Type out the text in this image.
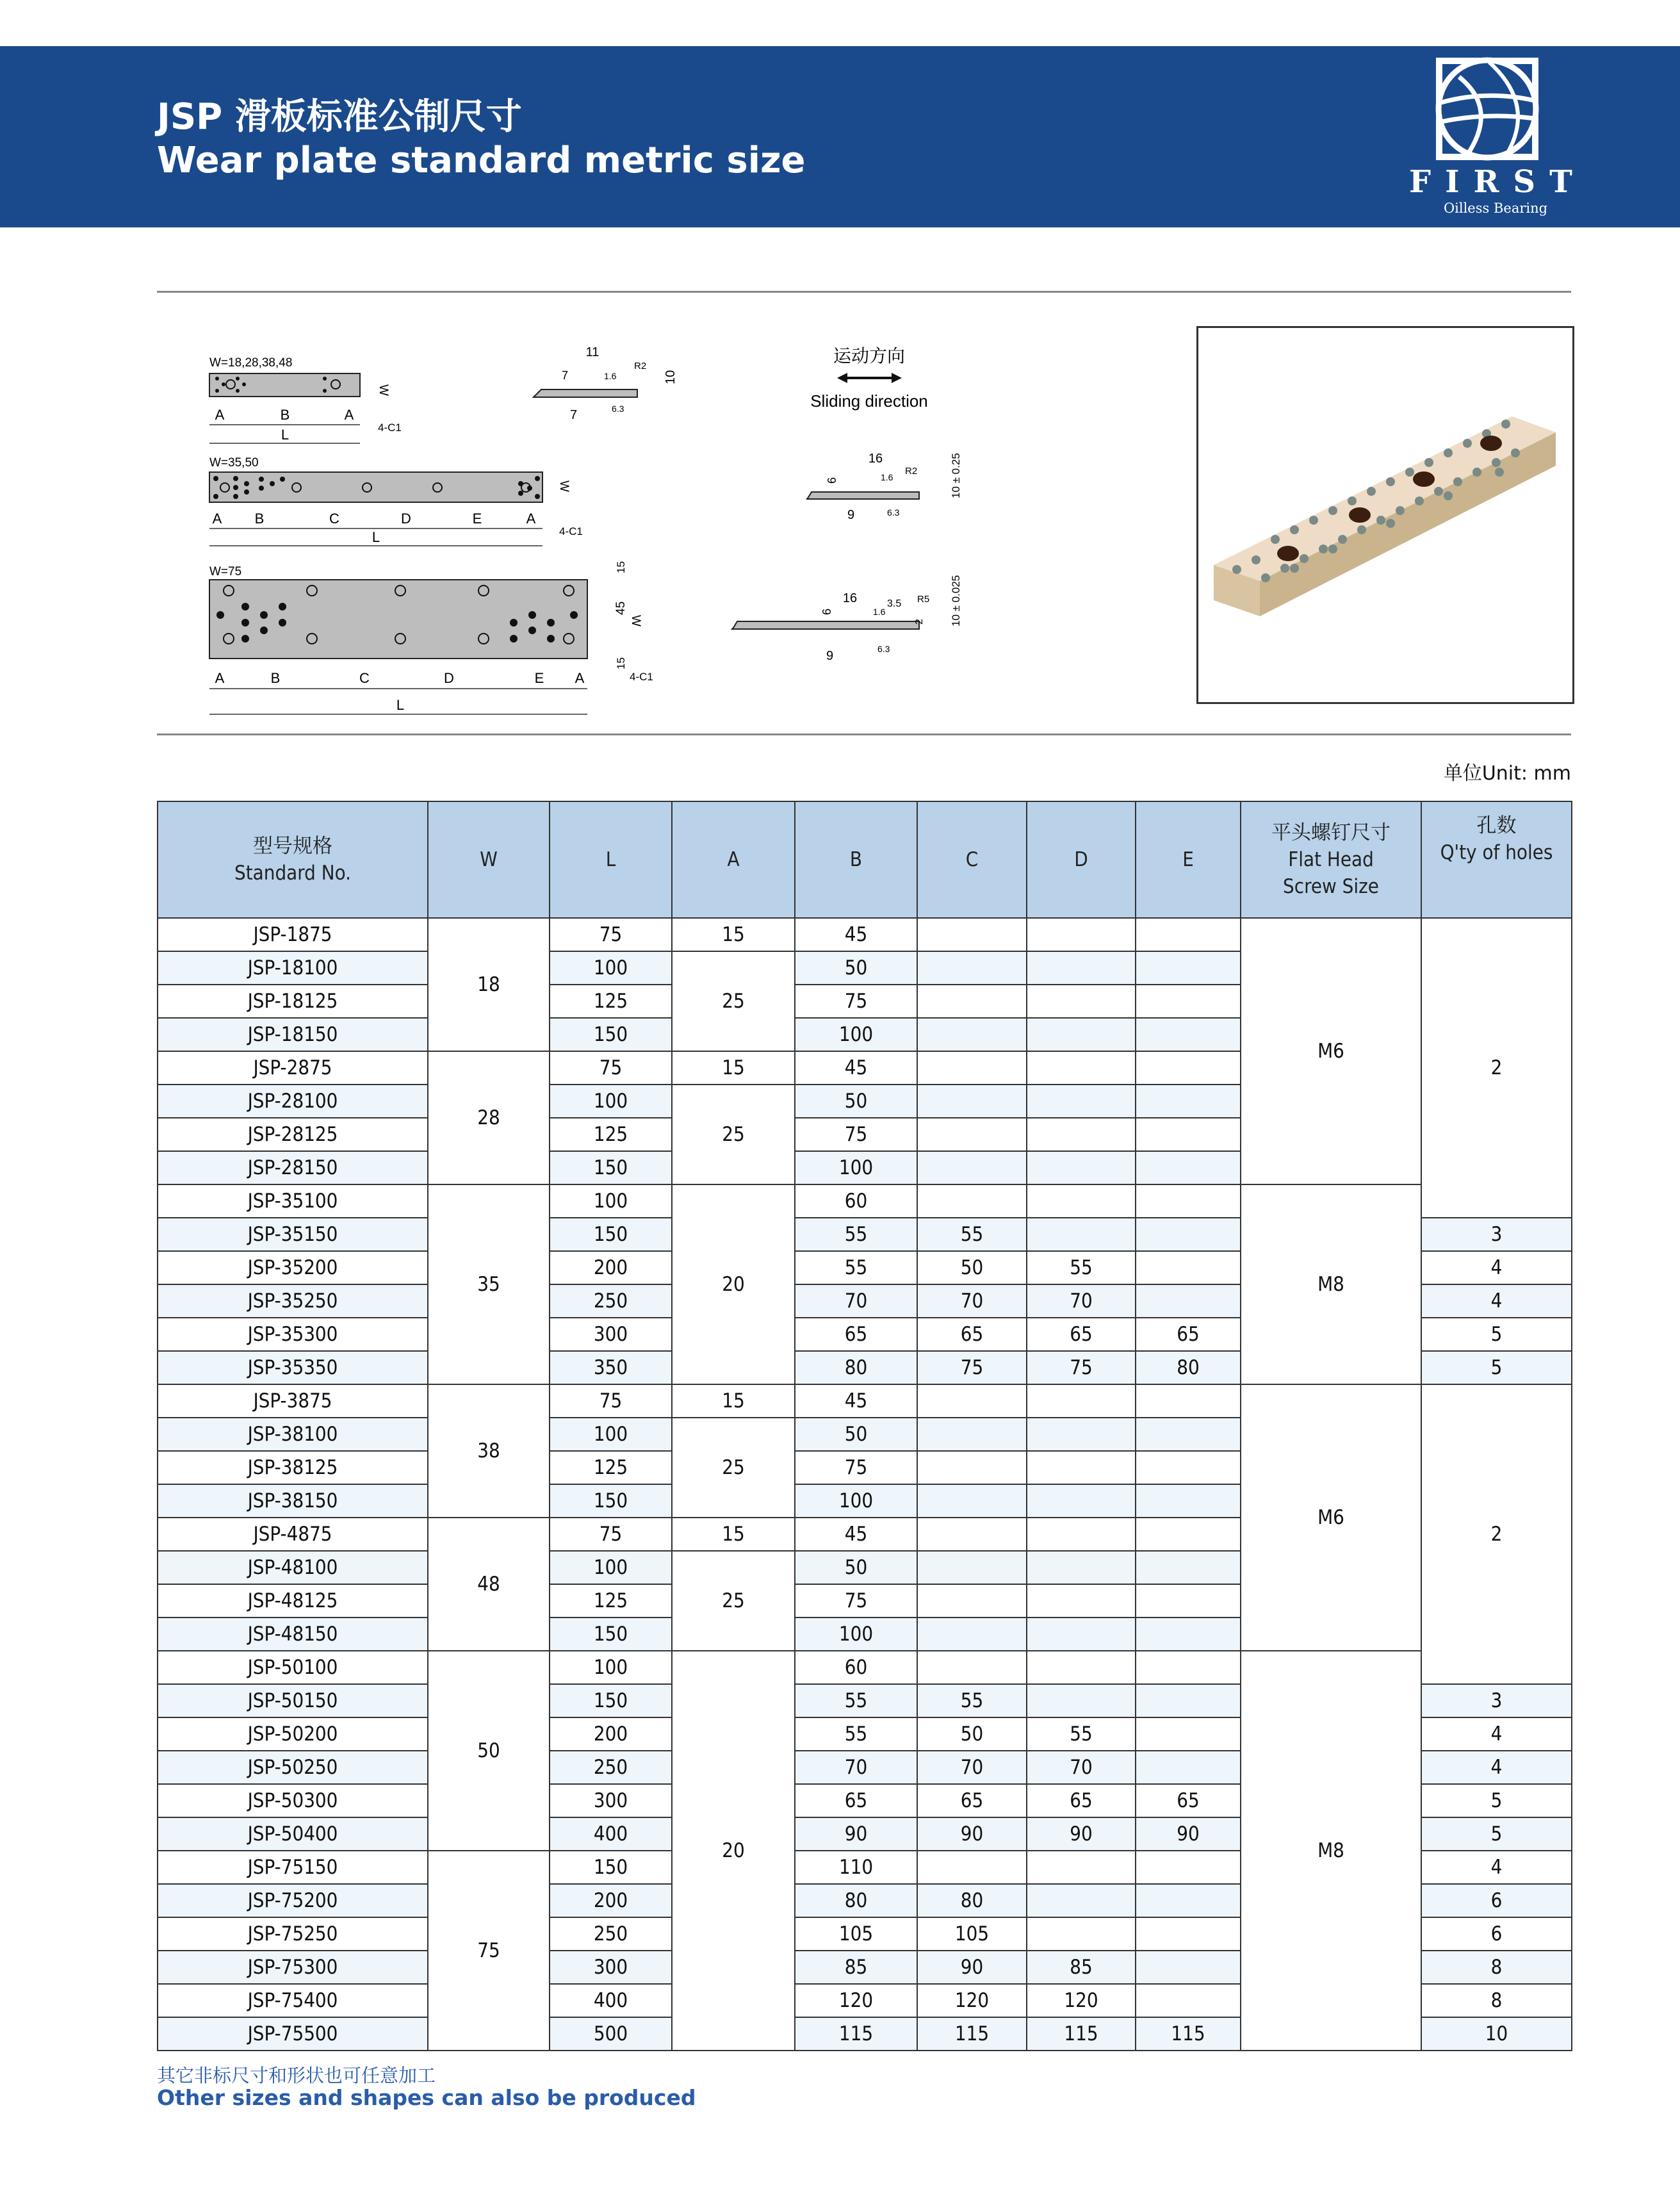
JSP 滑板标准公制尺寸
Wear plate standard metric size
FIRST
Oilless Bearing
W=18,28,38,48
A	B	A
L
W
4-C1
W=35,50
A B	C	D	E	A
L
W
4-C1
W=75
A	B	C	D	E A
L
45
W
15
15
4-C1
11
7
7
R2
1.6
6.3
10
运动方向
Sliding direction
16
6
9
R2
1.6
6.3
10 ± 0.25
16
6
9
3.5 R5
2
1.6
6.3
10 ± 0.025
单位Unit: mm
型号规格
Standard No.	W	L	A	B	C	D	E	平头螺钉尺寸
Flat Head
Screw Size	孔数
Q'ty of holes
JSP-1875	18	75	15	45				M6	2
JSP-18100		100	25	50					
JSP-18125		125		75					
JSP-18150		150		100					
JSP-2875	28	75	15	45					
JSP-28100		100	25	50					
JSP-28125		125		75					
JSP-28150		150		100					
JSP-35100	35	100	20	60				M8	
JSP-35150		150		55	55				3
JSP-35200		200		55	50	55			4
JSP-35250		250		70	70	70			4
JSP-35300		300		65	65	65	65		5
JSP-35350		350		80	75	75	80		5
JSP-3875	38	75	15	45				M6	2
JSP-38100		100	25	50					
JSP-38125		125		75					
JSP-38150		150		100					
JSP-4875	48	75	15	45					
JSP-48100		100	25	50					
JSP-48125		125		75					
JSP-48150		150		100					
JSP-50100	50	100	20	60				M8	
JSP-50150		150		55	55				3
JSP-50200		200		55	50	55			4
JSP-50250		250		70	70	70			4
JSP-50300		300		65	65	65	65		5
JSP-50400		400		90	90	90	90		5
JSP-75150	75	150		110					4
JSP-75200		200		80	80				6
JSP-75250		250		105	105				6
JSP-75300		300		85	90	85			8
JSP-75400		400		120	120	120			8
JSP-75500		500		115	115	115	115		10
其它非标尺寸和形状也可任意加工
Other sizes and shapes can also be produced
